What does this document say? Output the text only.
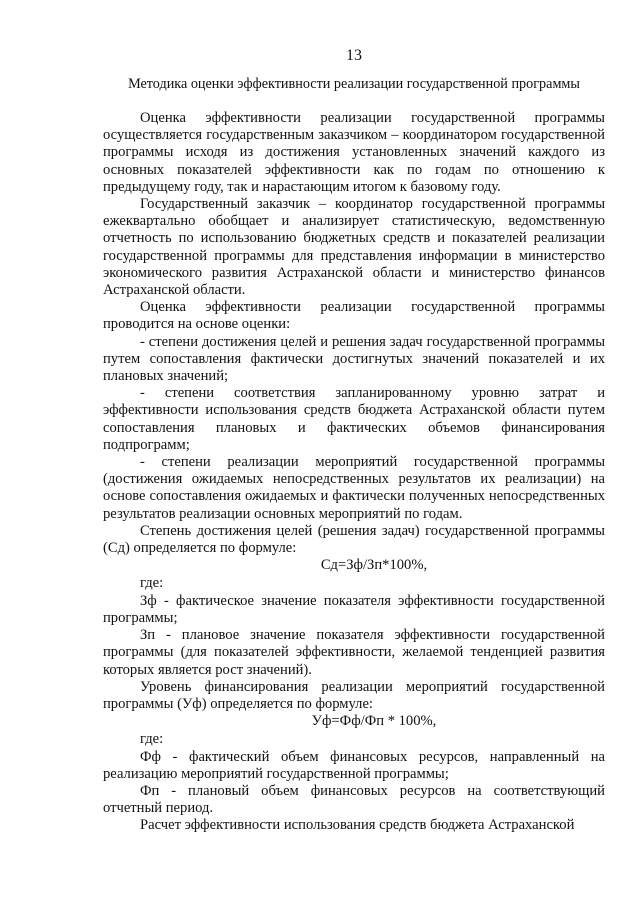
13
Методика оценки эффективности реализации государственной программы

Оценка эффективности реализации государственной программы осуществляется государственным заказчиком – координатором государственной программы исходя из достижения установленных значений каждого из основных показателей эффективности как по годам по отношению к предыдущему году, так и нарастающим итогом к базовому году.

Государственный заказчик – координатор государственной программы ежеквартально обобщает и анализирует статистическую, ведомственную отчетность по использованию бюджетных средств и показателей реализации государственной программы для представления информации в министерство экономического развития Астраханской области и министерство финансов Астраханской области.

Оценка эффективности реализации государственной программы проводится на основе оценки:

- степени достижения целей и решения задач государственной программы путем сопоставления фактически достигнутых значений показателей и их плановых значений;

- степени соответствия запланированному уровню затрат и эффективности использования средств бюджета Астраханской области путем сопоставления плановых и фактических объемов финансирования подпрограмм;

- степени реализации мероприятий государственной программы (достижения ожидаемых непосредственных результатов их реализации) на основе сопоставления ожидаемых и фактически полученных непосредственных результатов реализации основных мероприятий по годам.

Степень достижения целей (решения задач) государственной программы (Сд) определяется по формуле:

Сд=Зф/Зп*100%,

где:

Зф - фактическое значение показателя эффективности государственной программы;

Зп - плановое значение показателя эффективности государственной программы (для показателей эффективности, желаемой тенденцией развития которых является рост значений).

Уровень финансирования реализации мероприятий государственной программы (Уф) определяется по формуле:

Уф=Фф/Фп * 100%,

где:

Фф - фактический объем финансовых ресурсов, направленный на реализацию мероприятий государственной программы;

Фп - плановый объем финансовых ресурсов на соответствующий отчетный период.

Расчет эффективности использования средств бюджета Астраханской
